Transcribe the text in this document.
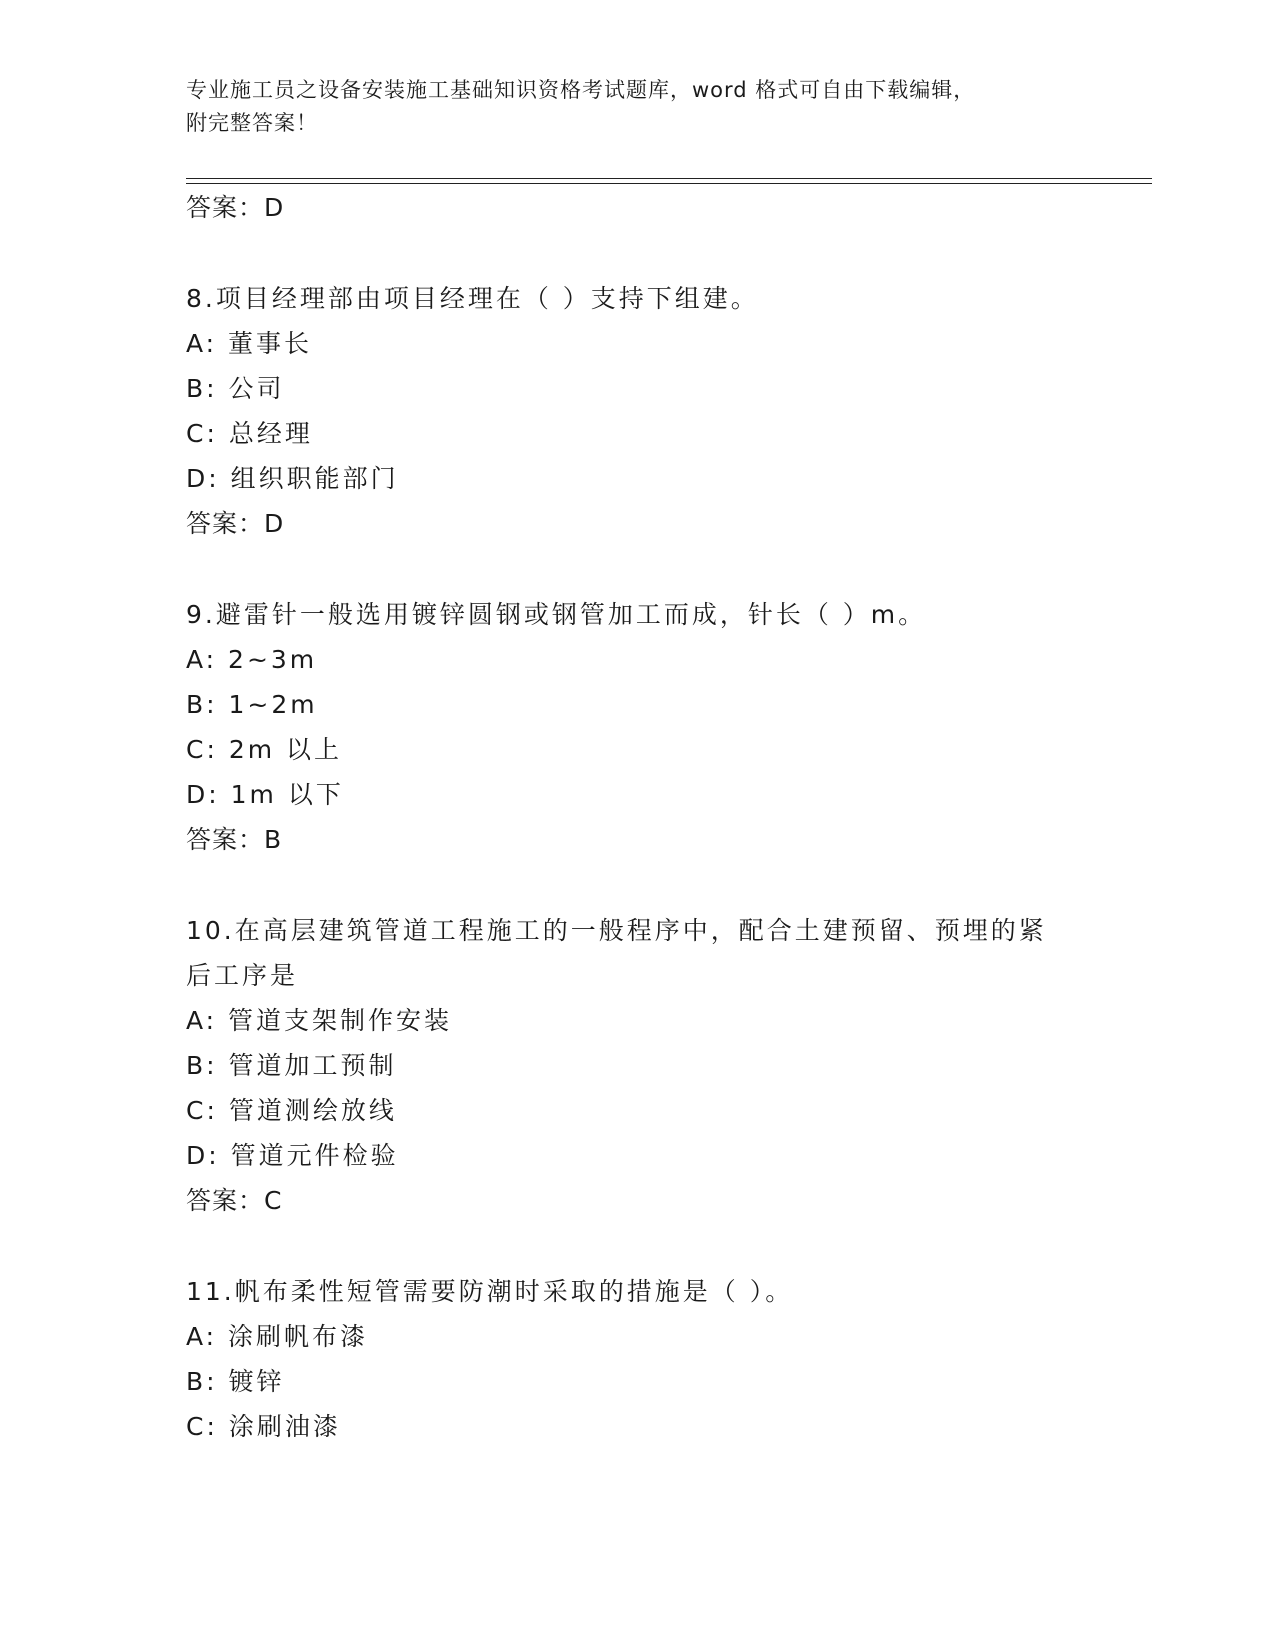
专业施工员之设备安装施工基础知识资格考试题库，word 格式可自由下载编辑，
附完整答案！
答案：D
8.项目经理部由项目经理在（ ）支持下组建。
A: 董事长
B: 公司
C: 总经理
D: 组织职能部门
答案：D
9.避雷针一般选用镀锌圆钢或钢管加工而成，针长（ ）m。
A: 2~3m
B: 1~2m
C: 2m 以上
D: 1m 以下
答案：B
10.在高层建筑管道工程施工的一般程序中，配合土建预留、预埋的紧
后工序是
A: 管道支架制作安装
B: 管道加工预制
C: 管道测绘放线
D: 管道元件检验
答案：C
11.帆布柔性短管需要防潮时采取的措施是（ ）。
A: 涂刷帆布漆
B: 镀锌
C: 涂刷油漆
